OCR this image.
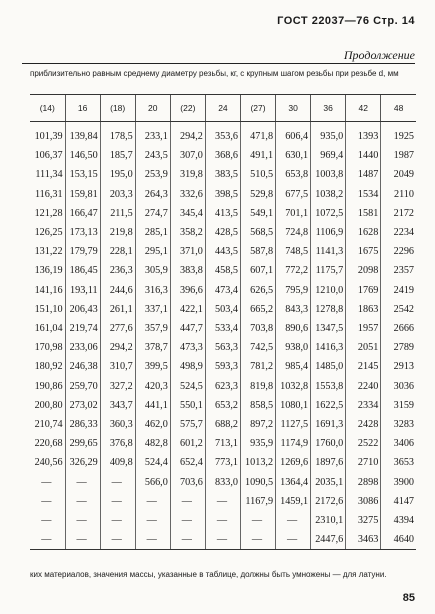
ГОСТ 22037—76 Стр. 14
Продолжение
приблизительно равным среднему диаметру резьбы, кг, с крупным шагом резьбы при резьбе d, мм
(14)	16	(18)	20	(22)	24	(27)	30	36	42	48
101,39	139,84	178,5	233,1	294,2	353,6	471,8	606,4	935,0	1393	1925
106,37	146,50	185,7	243,5	307,0	368,6	491,1	630,1	969,4	1440	1987
111,34	153,15	195,0	253,9	319,8	383,5	510,5	653,8	1003,8	1487	2049
116,31	159,81	203,3	264,3	332,6	398,5	529,8	677,5	1038,2	1534	2110
121,28	166,47	211,5	274,7	345,4	413,5	549,1	701,1	1072,5	1581	2172
126,25	173,13	219,8	285,1	358,2	428,5	568,5	724,8	1106,9	1628	2234
131,22	179,79	228,1	295,1	371,0	443,5	587,8	748,5	1141,3	1675	2296
136,19	186,45	236,3	305,9	383,8	458,5	607,1	772,2	1175,7	2098	2357
141,16	193,11	244,6	316,3	396,6	473,4	626,5	795,9	1210,0	1769	2419
151,10	206,43	261,1	337,1	422,1	503,4	665,2	843,3	1278,8	1863	2542
161,04	219,74	277,6	357,9	447,7	533,4	703,8	890,6	1347,5	1957	2666
170,98	233,06	294,2	378,7	473,3	563,3	742,5	938,0	1416,3	2051	2789
180,92	246,38	310,7	399,5	498,9	593,3	781,2	985,4	1485,0	2145	2913
190,86	259,70	327,2	420,3	524,5	623,3	819,8	1032,8	1553,8	2240	3036
200,80	273,02	343,7	441,1	550,1	653,2	858,5	1080,1	1622,5	2334	3159
210,74	286,33	360,3	462,0	575,7	688,2	897,2	1127,5	1691,3	2428	3283
220,68	299,65	376,8	482,8	601,2	713,1	935,9	1174,9	1760,0	2522	3406
240,56	326,29	409,8	524,4	652,4	773,1	1013,2	1269,6	1897,6	2710	3653
—	—	—	566,0	703,6	833,0	1090,5	1364,4	2035,1	2898	3900
—	—	—	—	—	—	1167,9	1459,1	2172,6	3086	4147
—	—	—	—	—	—	—	—	2310,1	3275	4394
—	—	—	—	—	—	—	—	2447,6	3463	4640
ких материалов, значения массы, указанные в таблице, должны быть умножены — для латуни.
85
